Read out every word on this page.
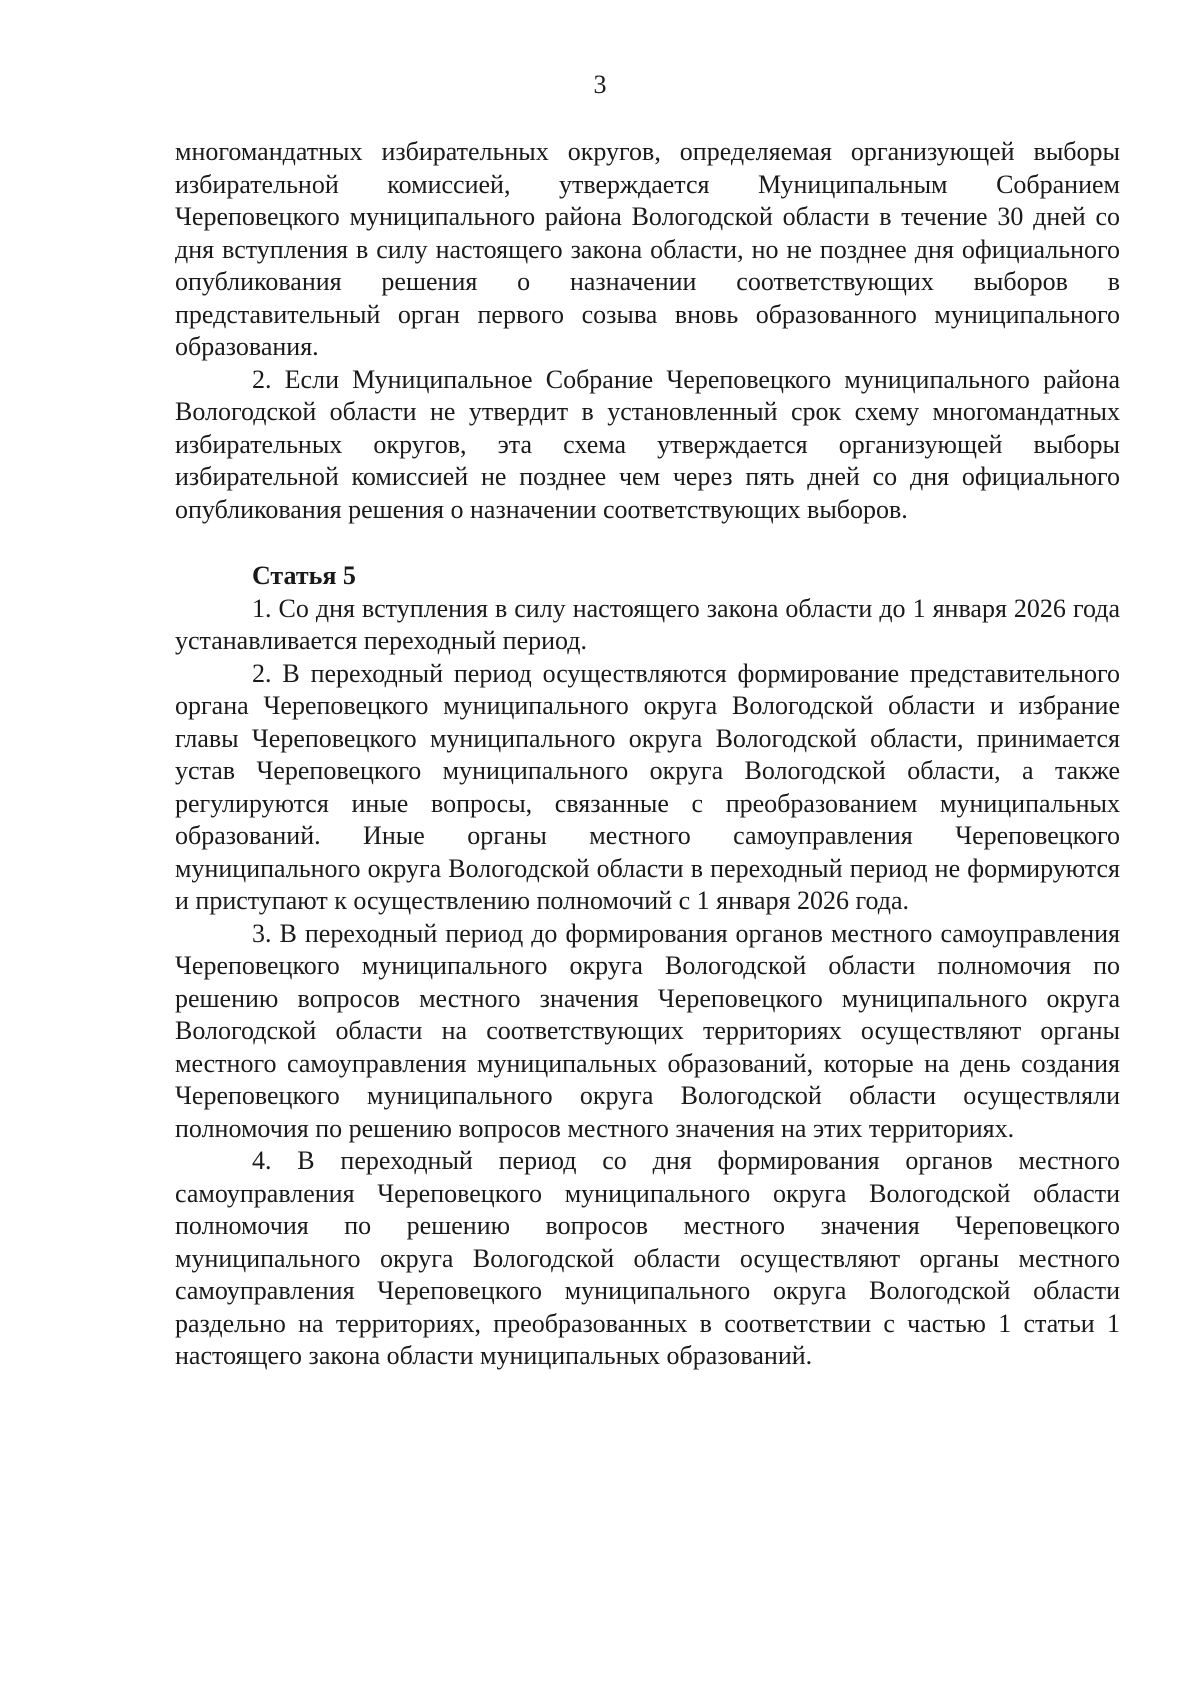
3

многомандатных избирательных округов, определяемая организующей выборы избирательной комиссией, утверждается Муниципальным Собранием Череповецкого муниципального района Вологодской области в течение 30 дней со дня вступления в силу настоящего закона области, но не позднее дня официального опубликования решения о назначении соответствующих выборов в представительный орган первого созыва вновь образованного муниципального образования.

2. Если Муниципальное Собрание Череповецкого муниципального района Вологодской области не утвердит в установленный срок схему многомандатных избирательных округов, эта схема утверждается организующей выборы избирательной комиссией не позднее чем через пять дней со дня официального опубликования решения о назначении соответствующих выборов.

Статья 5

1. Со дня вступления в силу настоящего закона области до 1 января 2026 года устанавливается переходный период.

2. В переходный период осуществляются формирование представительного органа Череповецкого муниципального округа Вологодской области и избрание главы Череповецкого муниципального округа Вологодской области, принимается устав Череповецкого муниципального округа Вологодской области, а также регулируются иные вопросы, связанные с преобразованием муниципальных образований. Иные органы местного самоуправления Череповецкого муниципального округа Вологодской области в переходный период не формируются и приступают к осуществлению полномочий с 1 января 2026 года.

3. В переходный период до формирования органов местного самоуправления Череповецкого муниципального округа Вологодской области полномочия по решению вопросов местного значения Череповецкого муниципального округа Вологодской области на соответствующих территориях осуществляют органы местного самоуправления муниципальных образований, которые на день создания Череповецкого муниципального округа Вологодской области осуществляли полномочия по решению вопросов местного значения на этих территориях.

4. В переходный период со дня формирования органов местного самоуправления Череповецкого муниципального округа Вологодской области полномочия по решению вопросов местного значения Череповецкого муниципального округа Вологодской области осуществляют органы местного самоуправления Череповецкого муниципального округа Вологодской области раздельно на территориях, преобразованных в соответствии с частью 1 статьи 1 настоящего закона области муниципальных образований.
